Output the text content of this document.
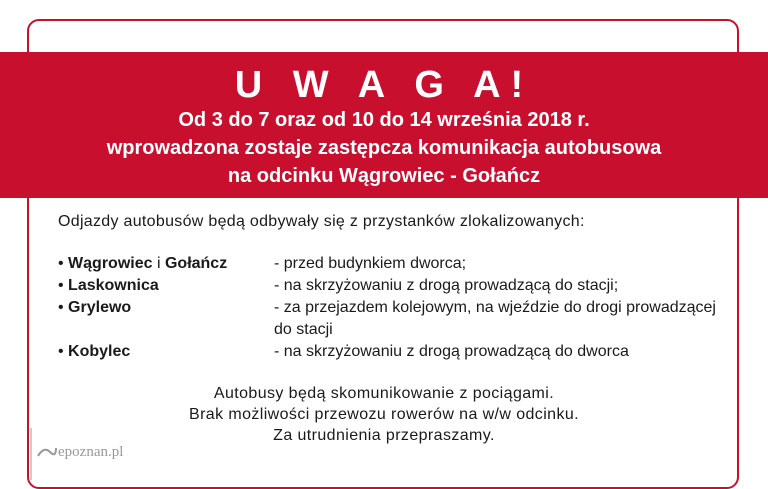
U W A G A!
Od 3 do 7 oraz od 10 do 14 września 2018 r.
wprowadzona zostaje zastępcza komunikacja autobusowa
na odcinku Wągrowiec - Gołańcz
Odjazdy autobusów będą odbywały się z przystanków zlokalizowanych:
• Wągrowiec i Gołańcz	- przed budynkiem dworca;
• Laskownica	- na skrzyżowaniu z drogą prowadzącą do stacji;
• Grylewo	- za przejazdem kolejowym, na wjeździe do drogi prowadzącej do stacji
• Kobylec	- na skrzyżowaniu z drogą prowadzącą do dworca
Autobusy będą skomunikowanie z pociągami.
Brak możliwości przewozu rowerów na w/w odcinku.
Za utrudnienia przepraszamy.
epoznan.pl
